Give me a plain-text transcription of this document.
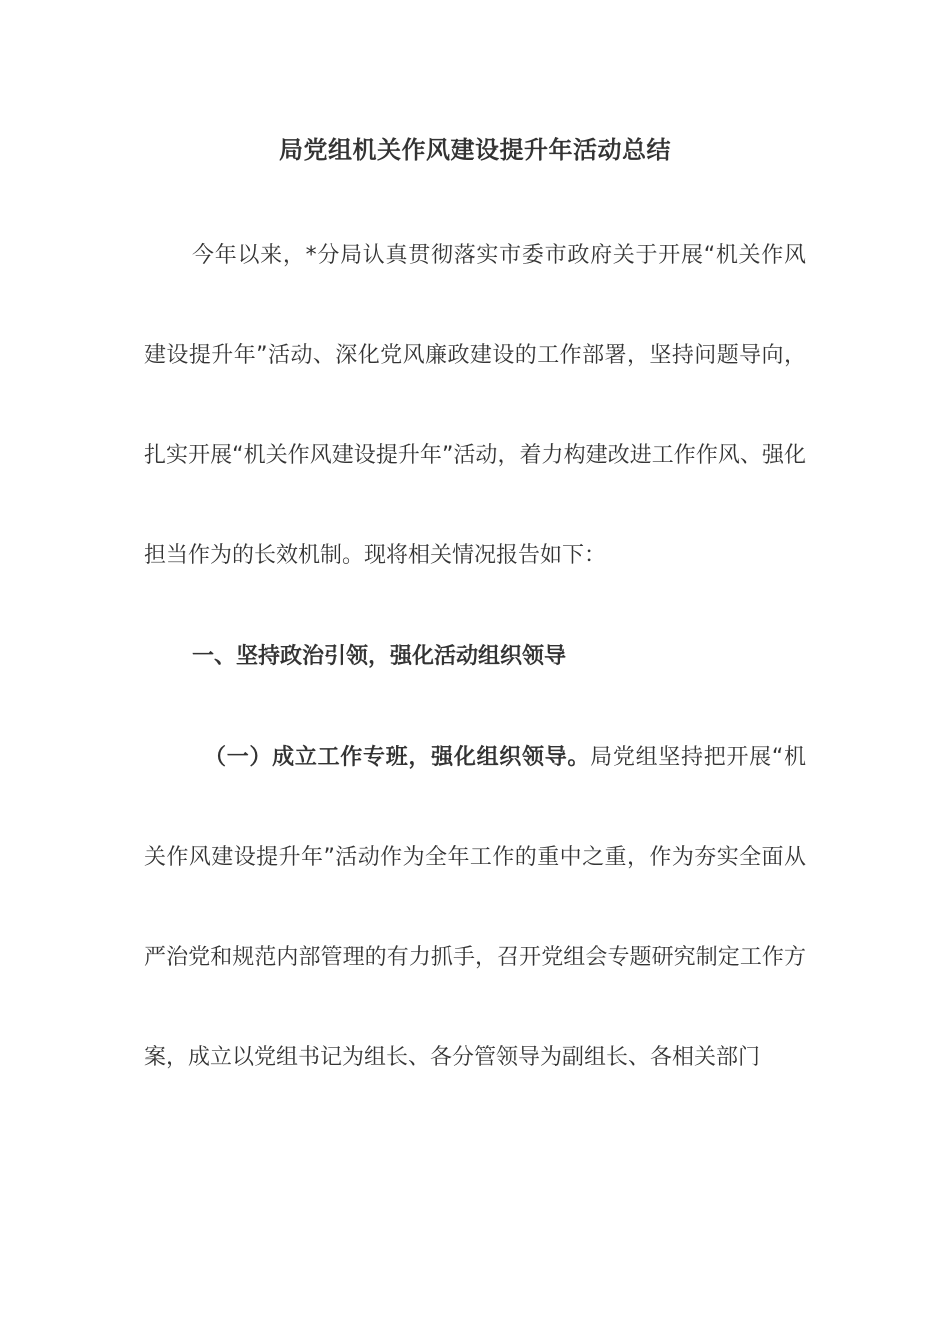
局党组机关作风建设提升年活动总结

今年以来，*分局认真贯彻落实市委市政府关于开展“机关作风建设提升年”活动、深化党风廉政建设的工作部署，坚持问题导向，扎实开展“机关作风建设提升年”活动，着力构建改进工作作风、强化担当作为的长效机制。现将相关情况报告如下：

一、坚持政治引领，强化活动组织领导

（一）成立工作专班，强化组织领导。局党组坚持把开展“机关作风建设提升年”活动作为全年工作的重中之重，作为夯实全面从严治党和规范内部管理的有力抓手，召开党组会专题研究制定工作方案，成立以党组书记为组长、各分管领导为副组长、各相关部门
